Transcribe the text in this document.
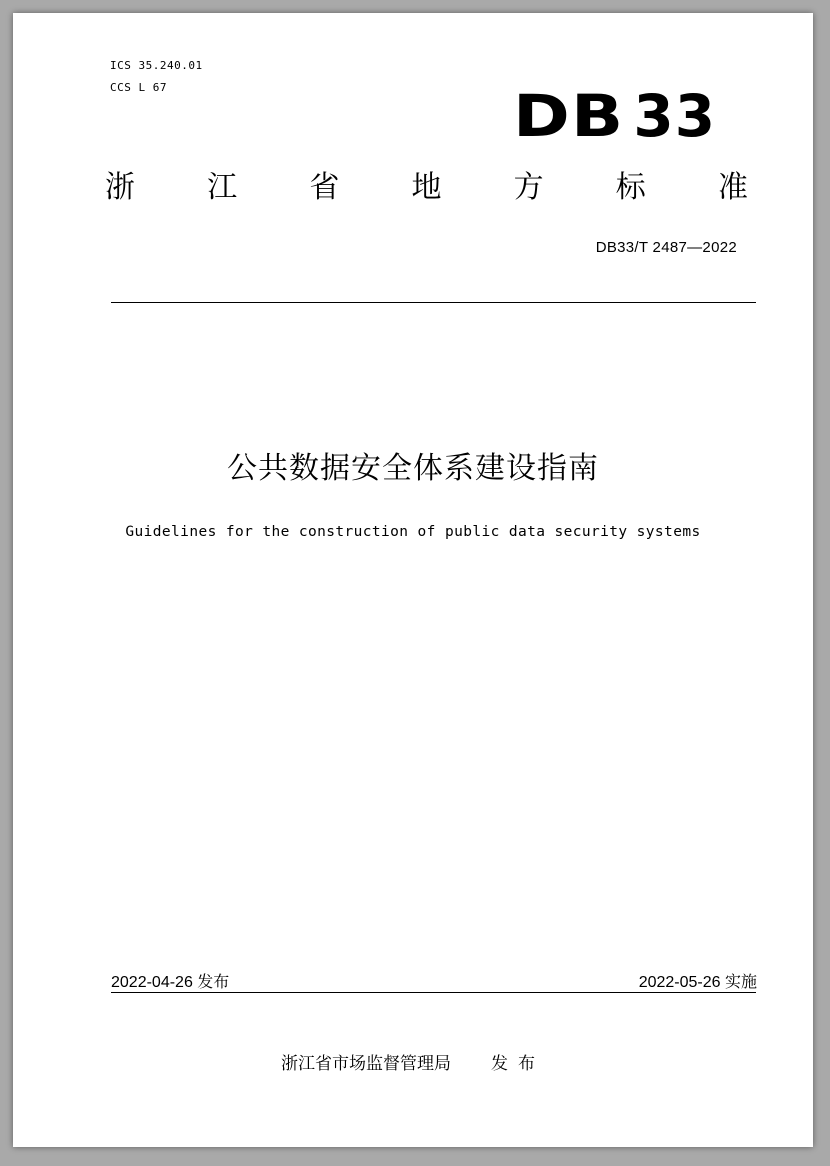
ICS 35.240.01
CCS L 67	DB 33
浙 江 省 地 方 标 准
DB33/T 2487—2022
公共数据安全体系建设指南
Guidelines for the construction of public data security systems
2022-04-26 发布	2022-05-26 实施
浙江省市场监督管理局 发布
